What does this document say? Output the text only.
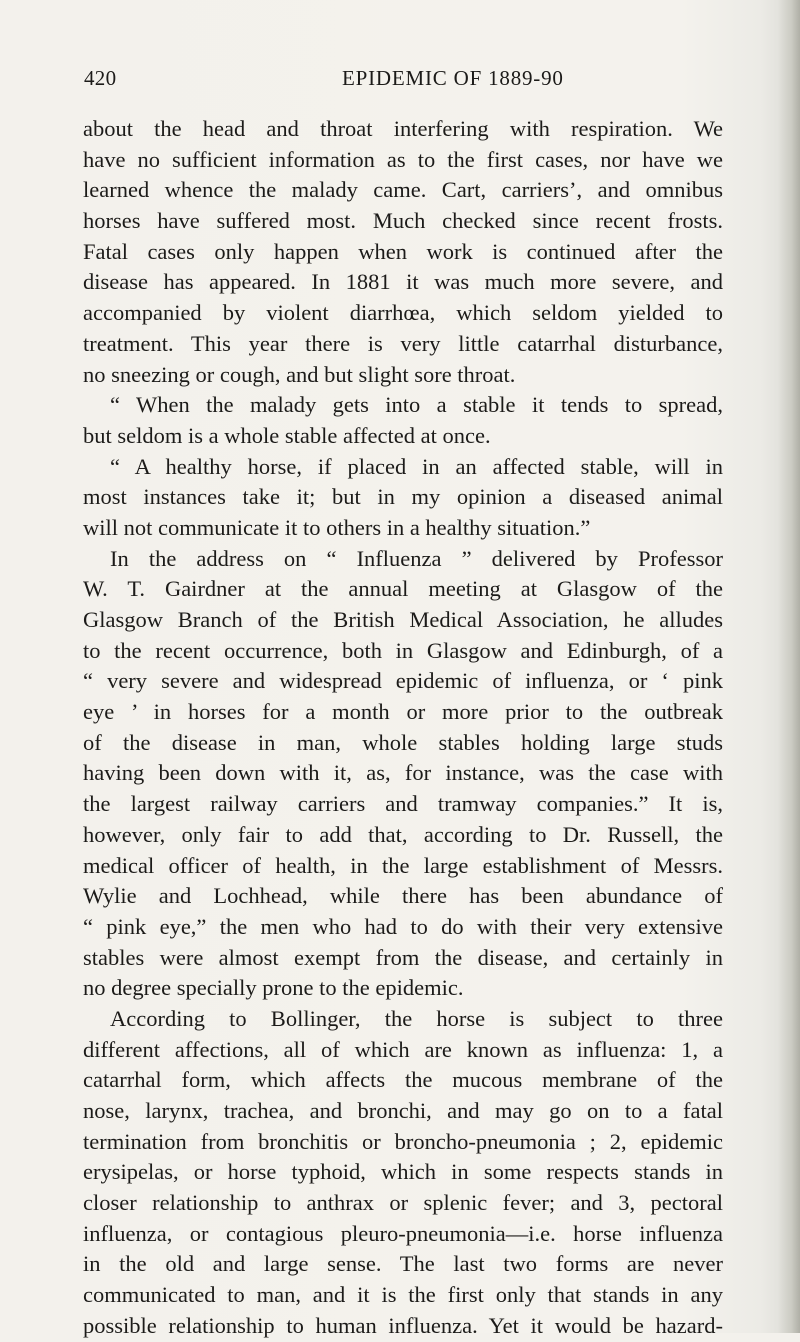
420	EPIDEMIC OF 1889-90
about the head and throat interfering with respiration. We
have no sufficient information as to the first cases, nor have we
learned whence the malady came. Cart, carriers’, and omnibus
horses have suffered most. Much checked since recent frosts.
Fatal cases only happen when work is continued after the
disease has appeared. In 1881 it was much more severe, and
accompanied by violent diarrhœa, which seldom yielded to
treatment. This year there is very little catarrhal disturbance,
no sneezing or cough, and but slight sore throat.
“ When the malady gets into a stable it tends to spread,
but seldom is a whole stable affected at once.
“ A healthy horse, if placed in an affected stable, will in
most instances take it; but in my opinion a diseased animal
will not communicate it to others in a healthy situation.”
In the address on “ Influenza ” delivered by Professor
W. T. Gairdner at the annual meeting at Glasgow of the
Glasgow Branch of the British Medical Association, he alludes
to the recent occurrence, both in Glasgow and Edinburgh, of a
“ very severe and widespread epidemic of influenza, or ‘ pink
eye ’ in horses for a month or more prior to the outbreak
of the disease in man, whole stables holding large studs
having been down with it, as, for instance, was the case with
the largest railway carriers and tramway companies.” It is,
however, only fair to add that, according to Dr. Russell, the
medical officer of health, in the large establishment of Messrs.
Wylie and Lochhead, while there has been abundance of
“ pink eye,” the men who had to do with their very extensive
stables were almost exempt from the disease, and certainly in
no degree specially prone to the epidemic.
According to Bollinger, the horse is subject to three
different affections, all of which are known as influenza: 1, a
catarrhal form, which affects the mucous membrane of the
nose, larynx, trachea, and bronchi, and may go on to a fatal
termination from bronchitis or broncho-pneumonia ; 2, epidemic
erysipelas, or horse typhoid, which in some respects stands in
closer relationship to anthrax or splenic fever; and 3, pectoral
influenza, or contagious pleuro-pneumonia—i.e. horse influenza
in the old and large sense. The last two forms are never
communicated to man, and it is the first only that stands in any
possible relationship to human influenza. Yet it would be hazard-
